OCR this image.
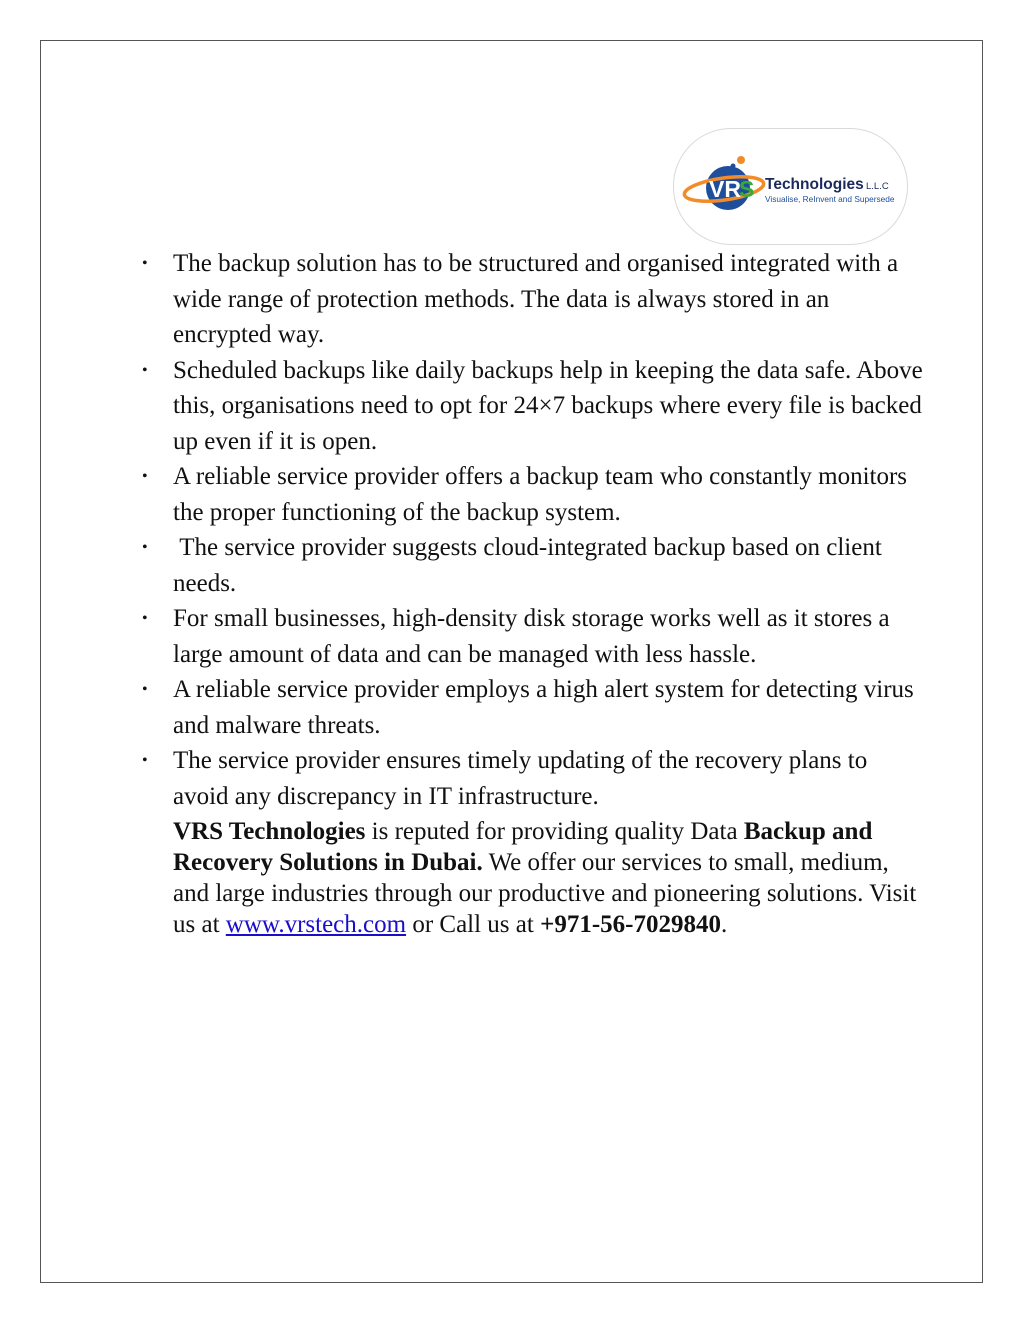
VR
S Technologies L.L.C
Visualise, ReInvent and Supersede
• The backup solution has to be structured and organised integrated with a wide range of protection methods. The data is always stored in an encrypted way.
• Scheduled backups like daily backups help in keeping the data safe. Above this, organisations need to opt for 24×7 backups where every file is backed up even if it is open.
• A reliable service provider offers a backup team who constantly monitors the proper functioning of the backup system.
• The service provider suggests cloud-integrated backup based on client needs.
• For small businesses, high-density disk storage works well as it stores a large amount of data and can be managed with less hassle.
• A reliable service provider employs a high alert system for detecting virus and malware threats.
• The service provider ensures timely updating of the recovery plans to avoid any discrepancy in IT infrastructure.

VRS Technologies is reputed for providing quality Data Backup and Recovery Solutions in Dubai. We offer our services to small, medium, and large industries through our productive and pioneering solutions. Visit us at www.vrstech.com or Call us at +971-56-7029840.
